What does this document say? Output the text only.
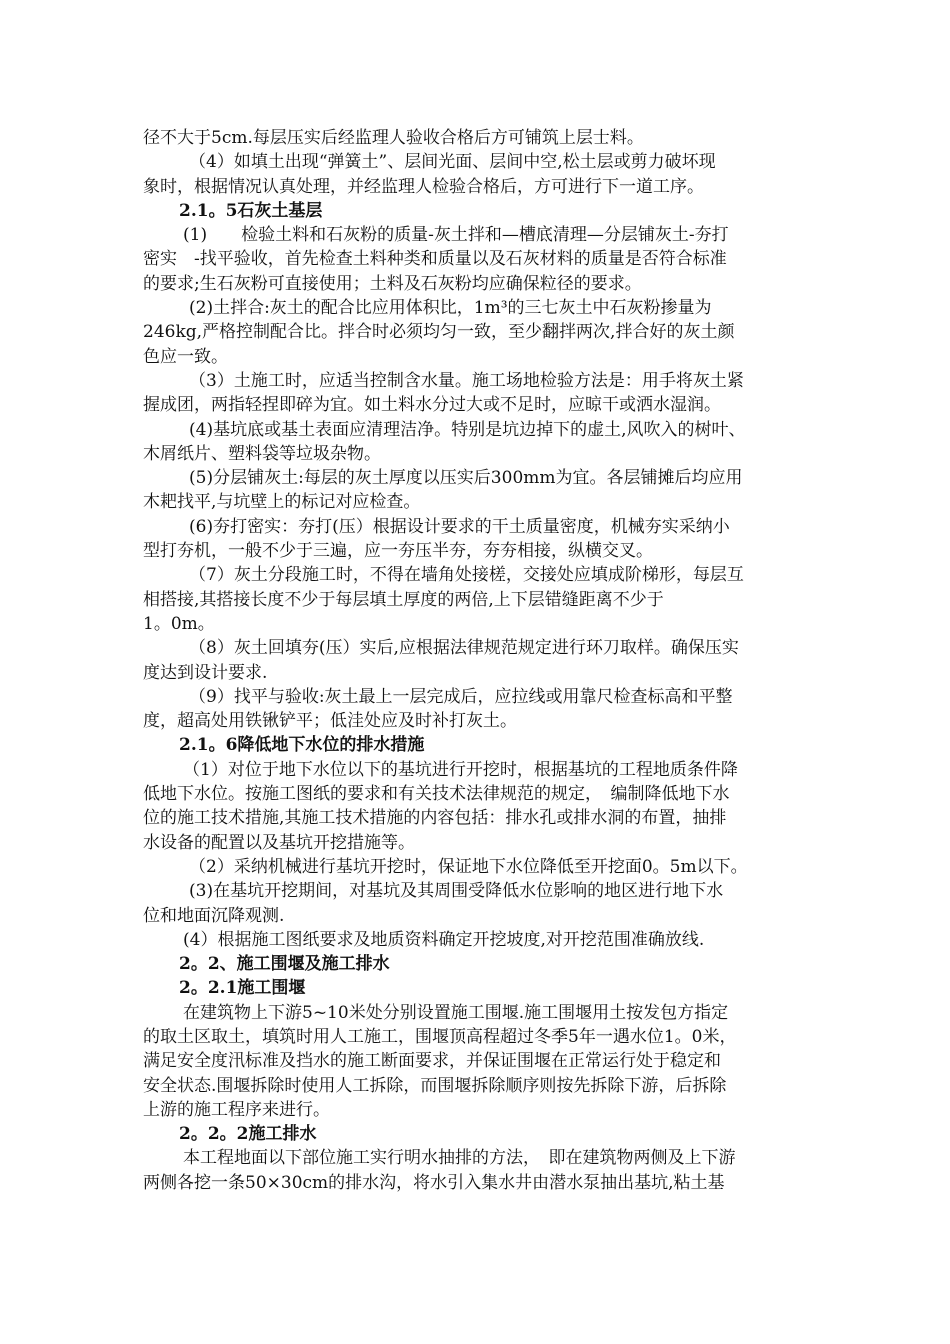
径不大于5cm.每层压实后经监理人验收合格后方可铺筑上层士料。
（4）如填土出现“弹簧土”、层间光面、层间中空,松土层或剪力破坏现
象时，根据情况认真处理，并经监理人检验合格后，方可进行下一道工序。
2.1。5石灰土基层
(1)　　检验土料和石灰粉的质量-灰土拌和—槽底清理—分层铺灰土-夯打
密实　-找平验收，首先检查土料种类和质量以及石灰材料的质量是否符合标准
的要求;生石灰粉可直接使用；土料及石灰粉均应确保粒径的要求。
(2)土拌合:灰土的配合比应用体积比，1m³的三七灰土中石灰粉掺量为
246kg,严格控制配合比。拌合时必须均匀一致，至少翻拌两次,拌合好的灰土颜
色应一致。
（3）土施工时，应适当控制含水量。施工场地检验方法是：用手将灰土紧
握成团，两指轻捏即碎为宜。如土料水分过大或不足时，应晾干或洒水湿润。
(4)基坑底或基土表面应清理洁净。特别是坑边掉下的虚土,风吹入的树叶、
木屑纸片、塑料袋等垃圾杂物。
(5)分层铺灰土:每层的灰土厚度以压实后300mm为宜。各层铺摊后均应用
木耙找平,与坑壁上的标记对应检查。
(6)夯打密实：夯打(压）根据设计要求的干土质量密度，机械夯实采纳小
型打夯机，一般不少于三遍，应一夯压半夯，夯夯相接，纵横交叉。
（7）灰土分段施工时，不得在墙角处接槎，交接处应填成阶梯形，每层互
相搭接,其搭接长度不少于每层填土厚度的两倍,上下层错缝距离不少于
1。0m。
（8）灰土回填夯(压）实后,应根据法律规范规定进行环刀取样。确保压实
度达到设计要求.
（9）找平与验收:灰土最上一层完成后，应拉线或用靠尺检查标高和平整
度，超高处用铁锹铲平；低洼处应及时补打灰土。
2.1。6降低地下水位的排水措施
（1）对位于地下水位以下的基坑进行开挖时，根据基坑的工程地质条件降
低地下水位。按施工图纸的要求和有关技术法律规范的规定，　编制降低地下水
位的施工技术措施,其施工技术措施的内容包括：排水孔或排水洞的布置，抽排
水设备的配置以及基坑开挖措施等。
（2）采纳机械进行基坑开挖时，保证地下水位降低至开挖面0。5m以下。
(3)在基坑开挖期间，对基坑及其周围受降低水位影响的地区进行地下水
位和地面沉降观测.
(4）根据施工图纸要求及地质资料确定开挖坡度,对开挖范围准确放线.
2。2、施工围堰及施工排水
2。2.1施工围堰
在建筑物上下游5~10米处分别设置施工围堰.施工围堰用土按发包方指定
的取土区取土，填筑时用人工施工，围堰顶高程超过冬季5年一遇水位1。0米，
满足安全度汛标准及挡水的施工断面要求，并保证围堰在正常运行处于稳定和
安全状态.围堰拆除时使用人工拆除，而围堰拆除顺序则按先拆除下游，后拆除
上游的施工程序来进行。
2。2。2施工排水
本工程地面以下部位施工实行明水抽排的方法，　即在建筑物两侧及上下游
两侧各挖一条50×30cm的排水沟，将水引入集水井由潜水泵抽出基坑,粘土基
